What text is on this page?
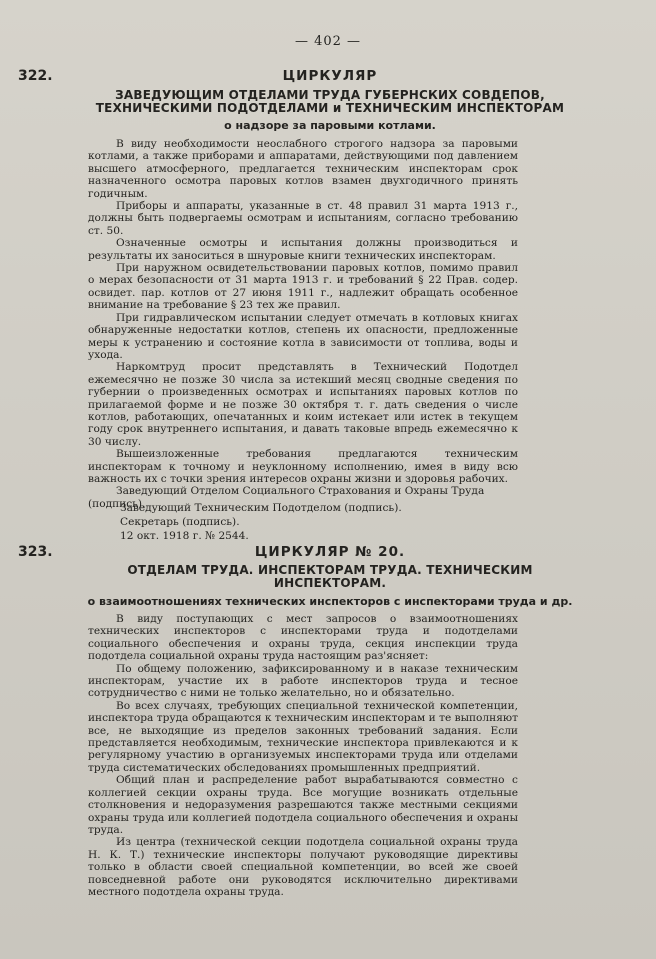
— 402 —
322.	ЦИРКУЛЯР
ЗАВЕДУЮЩИМ ОТДЕЛАМИ ТРУДА ГУБЕРНСКИХ СОВДЕПОВ,
ТЕХНИЧЕСКИМИ ПОДОТДЕЛАМИ и ТЕХНИЧЕСКИМ ИНСПЕКТОРАМ
о надзоре за паровыми котлами.

В виду необходимости неослабного строгого надзора за паровыми котлами, а также приборами и аппаратами, действующими под давлением высшего атмосферного, предлагается техническим инспекторам срок назначенного осмотра паровых котлов взамен двухгодичного принять годичным.

Приборы и аппараты, указанные в ст. 48 правил 31 марта 1913 г., должны быть подвергаемы осмотрам и испытаниям, согласно требованию ст. 50.

Означенные осмотры и испытания должны производиться и результаты их заноситься в шнуровые книги технических инспекторам.

При наружном освидетельствовании паровых котлов, помимо правил о мерах безопасности от 31 марта 1913 г. и требований § 22 Прав. содер. освидет. пар. котлов от 27 июня 1911 г., надлежит обращать особенное внимание на требование § 23 тех же правил.

При гидравлическом испытании следует отмечать в котловых книгах обнаруженные недостатки котлов, степень их опасности, предложенные меры к устранению и состояние котла в зависимости от топлива, воды и ухода.

Наркомтруд просит представлять в Технический Подотдел ежемесячно не позже 30 числа за истекший месяц сводные сведения по губернии о произведенных осмотрах и испытаниях паровых котлов по прилагаемой форме и не позже 30 октября т. г. дать сведения о числе котлов, работающих, опечатанных и коим истекает или истек в текущем году срок внутреннего испытания, и давать таковые впредь ежемесячно к 30 числу.

Вышеизложенные требования предлагаются техническим инспекторам к точному и неуклонному исполнению, имея в виду всю важность их с точки зрения интересов охраны жизни и здоровья рабочих.

Заведующий Отделом Социального Страхования и Охраны Труда

(подпись).

Заведующий Техническим Подотделом (подпись).
Секретарь (подпись).
12 окт. 1918 г. № 2544.
323.	ЦИРКУЛЯР № 20.
ОТДЕЛАМ ТРУДА. ИНСПЕКТОРАМ ТРУДА. ТЕХНИЧЕСКИМ
ИНСПЕКТОРАМ.
о взаимоотношениях технических инспекторов с инспекторами труда и др.

В виду поступающих с мест запросов о взаимоотношениях технических инспекторов с инспекторами труда и подотделами социального обеспечения и охраны труда, секция инспекции труда подотдела социальной охраны труда настоящим раз'ясняет:

По общему положению, зафиксированному и в наказе техническим инспекторам, участие их в работе инспекторов труда и тесное сотрудничество с ними не только желательно, но и обязательно.

Во всех случаях, требующих специальной технической компетенции, инспектора труда обращаются к техническим инспекторам и те выполняют все, не выходящие из пределов законных требований задания. Если представляется необходимым, технические инспектора привлекаются и к регулярному участию в организуемых инспекторами труда или отделами труда систематических обследованиях промышленных предприятий.

Общий план и распределение работ вырабатываются совместно с коллегией секции охраны труда. Все могущие возникать отдельные столкновения и недоразумения разрешаются также местными секциями охраны труда или коллегией подотдела социального обеспечения и охраны труда.

Из центра (технической секции подотдела социальной охраны труда Н. К. Т.) технические инспекторы получают руководящие директивы только в области своей специальной компетенции, во всей же своей повседневной работе они руководятся исключительно директивами местного подотдела охраны труда.
